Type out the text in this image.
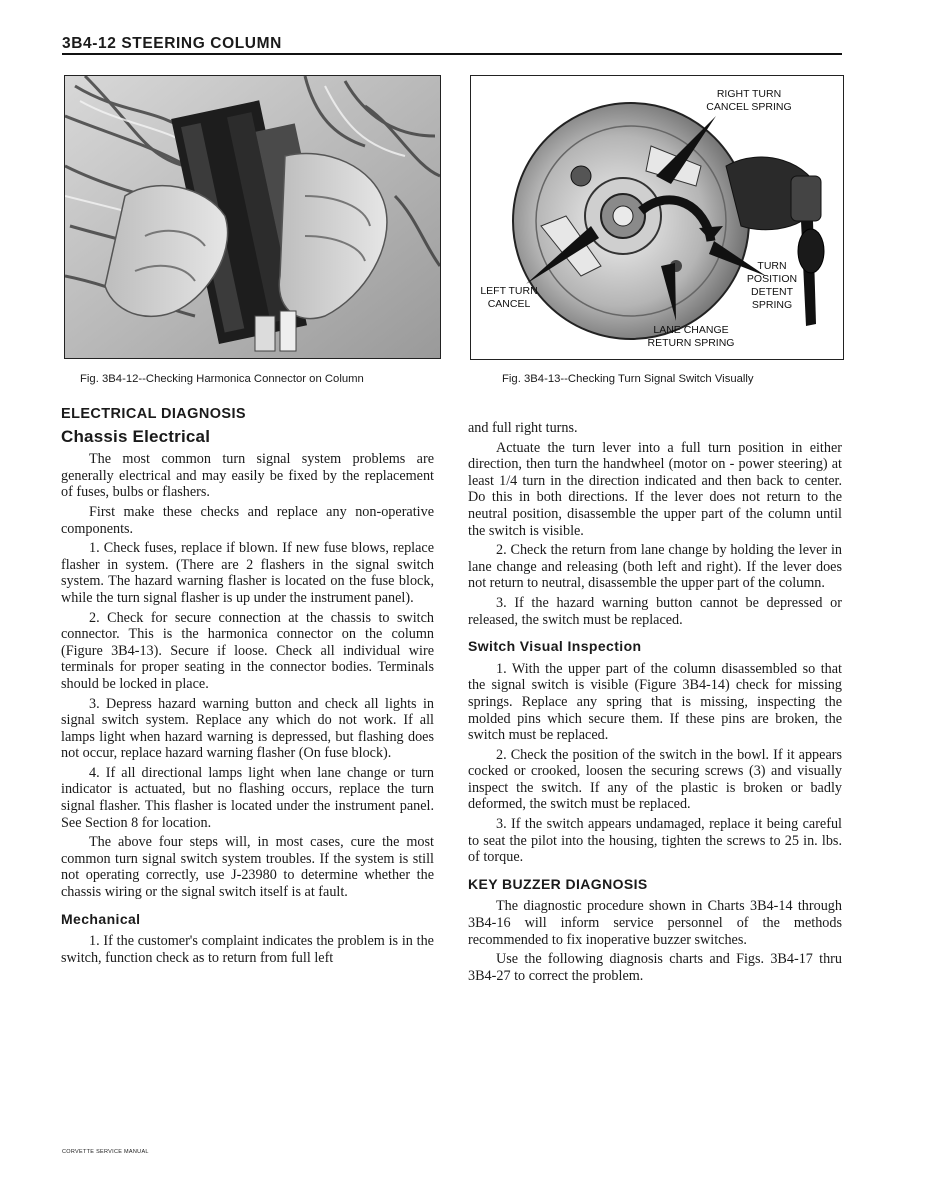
3B4-12 STEERING COLUMN
RIGHT TURN
CANCEL SPRING
TURN
POSITION
DETENT
SPRING
LEFT TURN
CANCEL
LANE CHANGE
RETURN SPRING
Fig. 3B4-12--Checking Harmonica Connector on Column	Fig. 3B4-13--Checking Turn Signal Switch Visually
ELECTRICAL DIAGNOSIS
Chassis Electrical

The most common turn signal system problems are generally electrical and may easily be fixed by the replacement of fuses, bulbs or flashers.

First make these checks and replace any non-operative components.

1. Check fuses, replace if blown. If new fuse blows, replace flasher in system. (There are 2 flashers in the signal switch system. The hazard warning flasher is located on the fuse block, while the turn signal flasher is up under the instrument panel).

2. Check for secure connection at the chassis to switch connector. This is the harmonica connector on the column (Figure 3B4-13). Secure if loose. Check all individual wire terminals for proper seating in the connector bodies. Terminals should be locked in place.

3. Depress hazard warning button and check all lights in signal switch system. Replace any which do not work. If all lamps light when hazard warning is depressed, but flashing does not occur, replace hazard warning flasher (On fuse block).

4. If all directional lamps light when lane change or turn indicator is actuated, but no flashing occurs, replace the turn signal flasher. This flasher is located under the instrument panel. See Section 8 for location.

The above four steps will, in most cases, cure the most common turn signal switch system troubles. If the system is still not operating correctly, use J-23980 to determine whether the chassis wiring or the signal switch itself is at fault.

Mechanical

1. If the customer's complaint indicates the problem is in the switch, function check as to return from full left

and full right turns.

Actuate the turn lever into a full turn position in either direction, then turn the handwheel (motor on - power steering) at least 1/4 turn in the direction indicated and then back to center. Do this in both directions. If the lever does not return to the neutral position, disassemble the upper part of the column until the switch is visible.

2. Check the return from lane change by holding the lever in lane change and releasing (both left and right). If the lever does not return to neutral, disassemble the upper part of the column.

3. If the hazard warning button cannot be depressed or released, the switch must be replaced.

Switch Visual Inspection

1. With the upper part of the column disassembled so that the signal switch is visible (Figure 3B4-14) check for missing springs. Replace any spring that is missing, inspecting the molded pins which secure them. If these pins are broken, the switch must be replaced.

2. Check the position of the switch in the bowl. If it appears cocked or crooked, loosen the securing screws (3) and visually inspect the switch. If any of the plastic is broken or badly deformed, the switch must be replaced.

3. If the switch appears undamaged, replace it being careful to seat the pilot into the housing, tighten the screws to 25 in. lbs. of torque.

KEY BUZZER DIAGNOSIS

The diagnostic procedure shown in Charts 3B4-14 through 3B4-16 will inform service personnel of the methods recommended to fix inoperative buzzer switches.

Use the following diagnosis charts and Figs. 3B4-17 thru 3B4-27 to correct the problem.

CORVETTE SERVICE MANUAL
